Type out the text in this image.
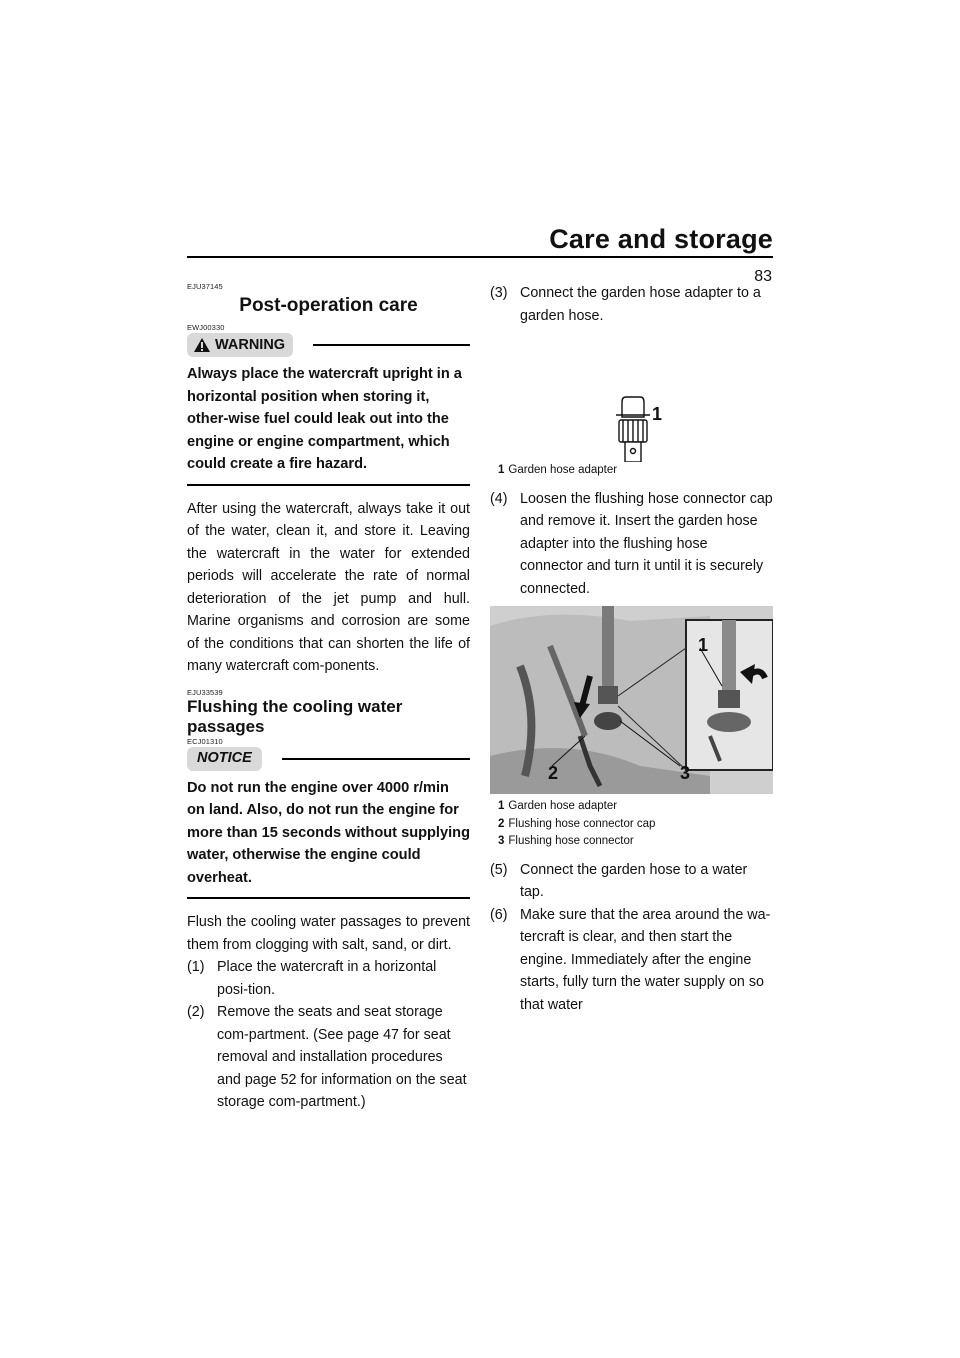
Care and storage
83
EJU37145
Post-operation care
EWJ00330
WARNING
Always place the watercraft upright in a horizontal position when storing it, other-wise fuel could leak out into the engine or engine compartment, which could create a fire hazard.

After using the watercraft, always take it out of the water, clean it, and store it. Leaving the watercraft in the water for extended periods will accelerate the rate of normal deterioration of the jet pump and hull. Marine organisms and corrosion are some of the conditions that can shorten the life of many watercraft com-ponents.

EJU33539
Flushing the cooling water passages
ECJ01310
NOTICE
Do not run the engine over 4000 r/min on land. Also, do not run the engine for more than 15 seconds without supplying water, otherwise the engine could overheat.

Flush the cooling water passages to prevent them from clogging with salt, sand, or dirt.

(1) Place the watercraft in a horizontal posi-tion.
(2) Remove the seats and seat storage com-partment. (See page 47 for seat removal and installation procedures and page 52 for information on the seat storage com-partment.)
(3) Connect the garden hose adapter to a garden hose.
1
1 Garden hose adapter
(4) Loosen the flushing hose connector cap and remove it. Insert the garden hose adapter into the flushing hose connector and turn it until it is securely connected.
1
2	3
1 Garden hose adapter
2 Flushing hose connector cap
3 Flushing hose connector
(5) Connect the garden hose to a water tap.
(6) Make sure that the area around the wa-tercraft is clear, and then start the engine. Immediately after the engine starts, fully turn the water supply on so that water
